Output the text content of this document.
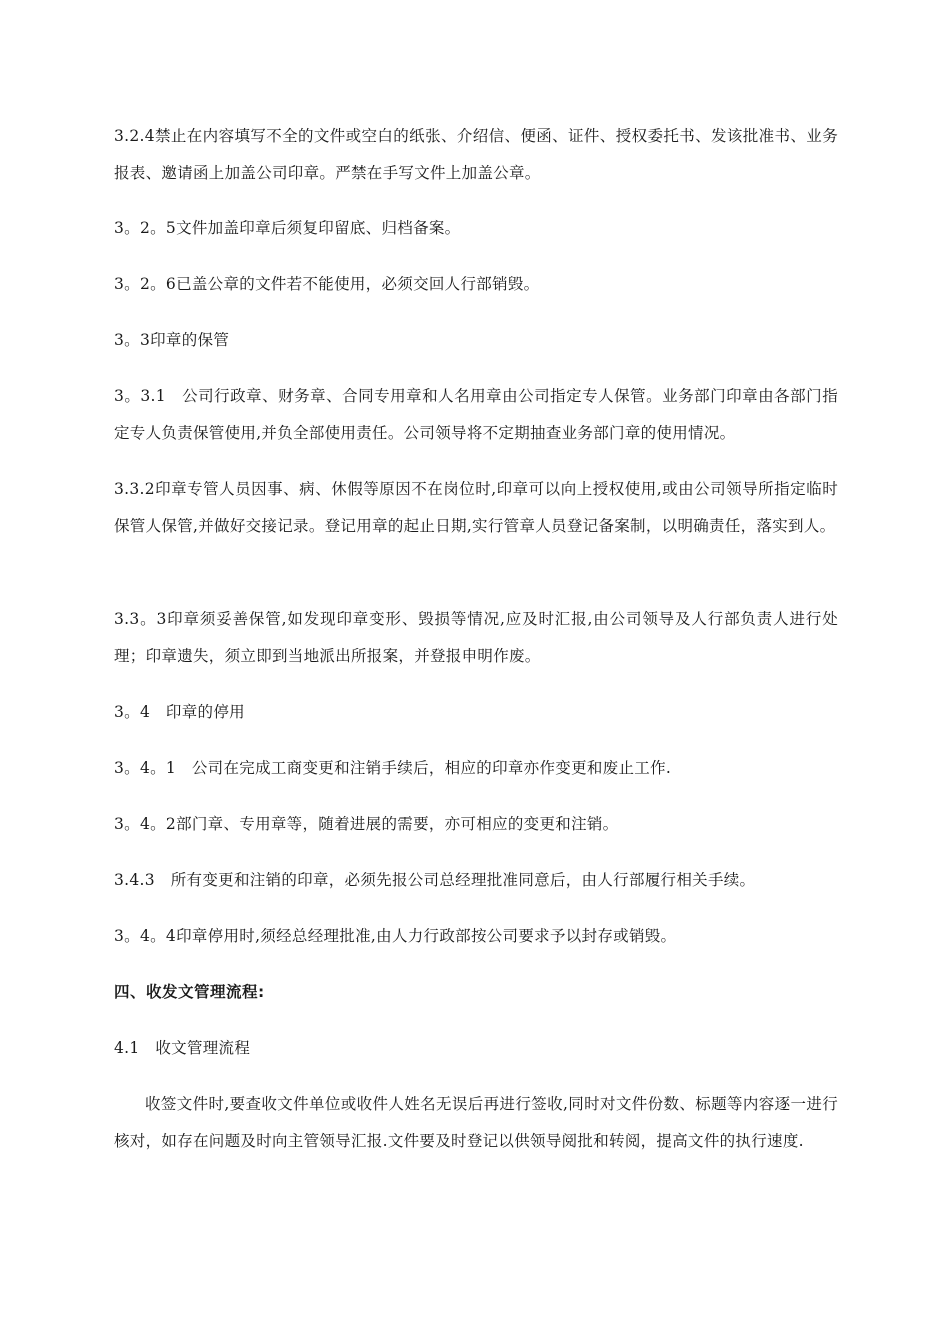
3.2.4禁止在内容填写不全的文件或空白的纸张、介绍信、便函、证件、授权委托书、发该批准书、业务报表、邀请函上加盖公司印章。严禁在手写文件上加盖公章。

3。2。5文件加盖印章后须复印留底、归档备案。

3。2。6已盖公章的文件若不能使用，必须交回人行部销毁。

3。3印章的保管

3。3.1　公司行政章、财务章、合同专用章和人名用章由公司指定专人保管。业务部门印章由各部门指定专人负责保管使用,并负全部使用责任。公司领导将不定期抽查业务部门章的使用情况。

3.3.2印章专管人员因事、病、休假等原因不在岗位时,印章可以向上授权使用,或由公司领导所指定临时保管人保管,并做好交接记录。登记用章的起止日期,实行管章人员登记备案制，以明确责任，落实到人。

3.3。3印章须妥善保管,如发现印章变形、毁损等情况,应及时汇报,由公司领导及人行部负责人进行处理；印章遗失，须立即到当地派出所报案，并登报申明作废。

3。4　印章的停用

3。4。1　公司在完成工商变更和注销手续后，相应的印章亦作变更和废止工作.

3。4。2部门章、专用章等，随着进展的需要，亦可相应的变更和注销。

3.4.3　所有变更和注销的印章，必须先报公司总经理批准同意后，由人行部履行相关手续。

3。4。4印章停用时,须经总经理批准,由人力行政部按公司要求予以封存或销毁。

四、收发文管理流程:

4.1　收文管理流程

收签文件时,要查收文件单位或收件人姓名无误后再进行签收,同时对文件份数、标题等内容逐一进行核对，如存在问题及时向主管领导汇报.文件要及时登记以供领导阅批和转阅，提高文件的执行速度.
